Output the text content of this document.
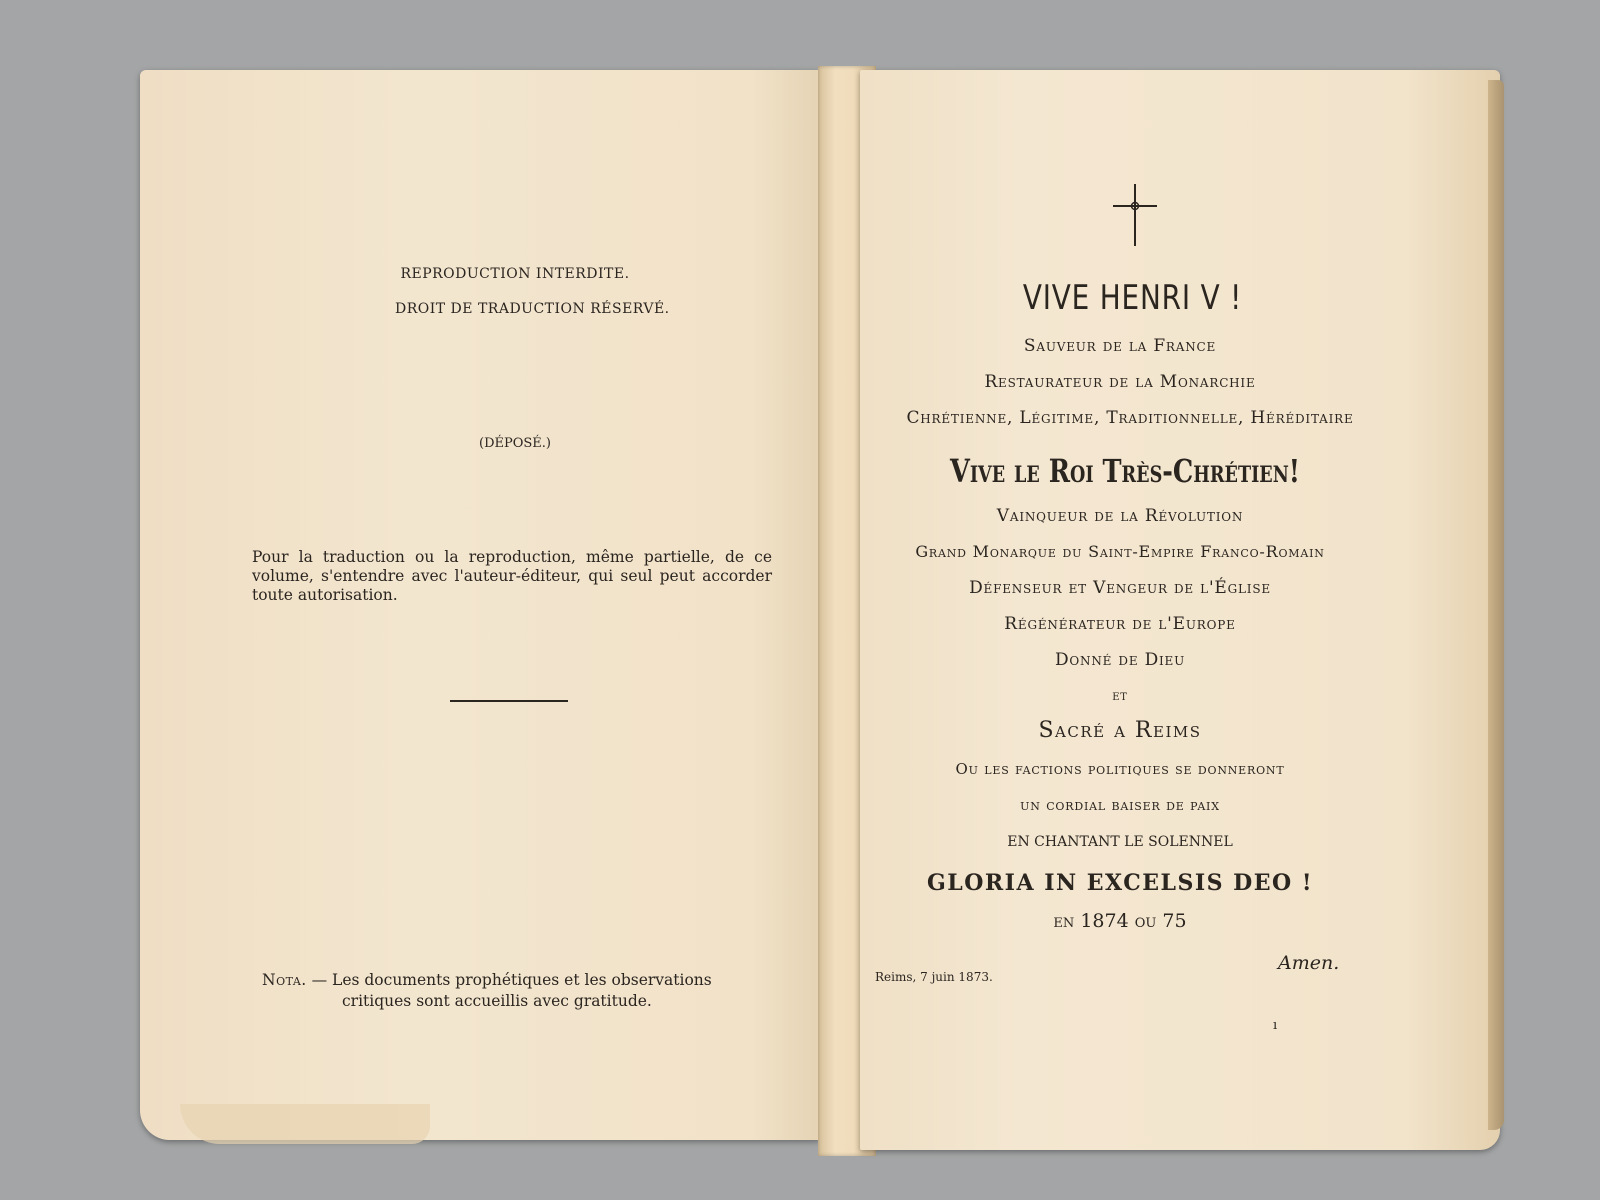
REPRODUCTION INTERDITE.
DROIT DE TRADUCTION RÉSERVÉ.
(DÉPOSÉ.)
Pour la traduction ou la reproduction, même partielle, de ce volume, s'entendre avec l'auteur-éditeur, qui seul peut accorder toute autorisation.
Nota. — Les documents prophétiques et les observations
critiques sont accueillis avec gratitude.
VIVE HENRI V !
Sauveur de la France
Restaurateur de la Monarchie
Chrétienne, Légitime, Traditionnelle, Héréditaire
Vive le Roi Très-Chrétien!
Vainqueur de la Révolution
Grand Monarque du Saint-Empire Franco-Romain
Défenseur et Vengeur de l'Église
Régénérateur de l'Europe
Donné de Dieu
et
Sacré a Reims
Ou les factions politiques se donneront
un cordial baiser de paix
EN CHANTANT LE SOLENNEL
GLORIA IN EXCELSIS DEO !
en 1874 ou 75
Reims, 7 juin 1873.
Amen.
ı
